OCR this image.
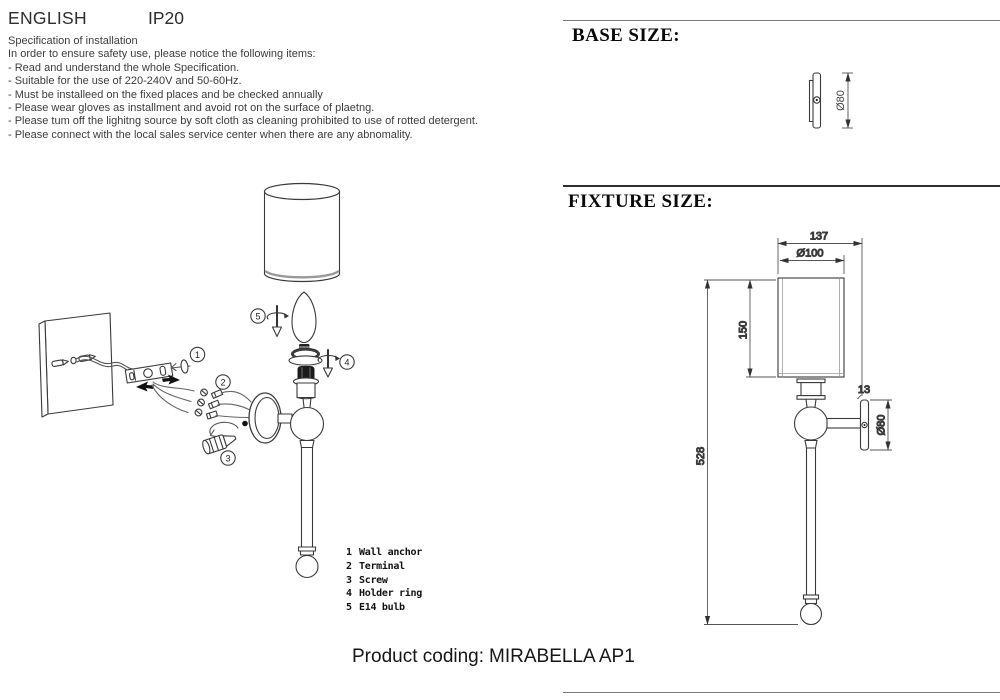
ENGLISH	IP20
Specification of installation
In order to ensure safety use, please notice the following items:
- Read and understand the whole Specification.
- Suitable for the use of 220-240V and 50-60Hz.
- Must be installeed on the fixed places and be checked annually
- Please wear gloves as installment and avoid rot on the surface of plaetng.
- Please tum off the lighitng source by soft cloth as cleaning prohibited to use of rotted detergent.
- Please connect with the local sales service center when there are any abnomality.
1
2
3
5
4
1 Wall anchor
2 Terminal
3 Screw
4 Holder ring
5 E14 bulb
BASE SIZE:
Ø80
FIXTURE SIZE:
137
Ø100
150
528
13
Ø80
Product coding: MIRABELLA AP1
